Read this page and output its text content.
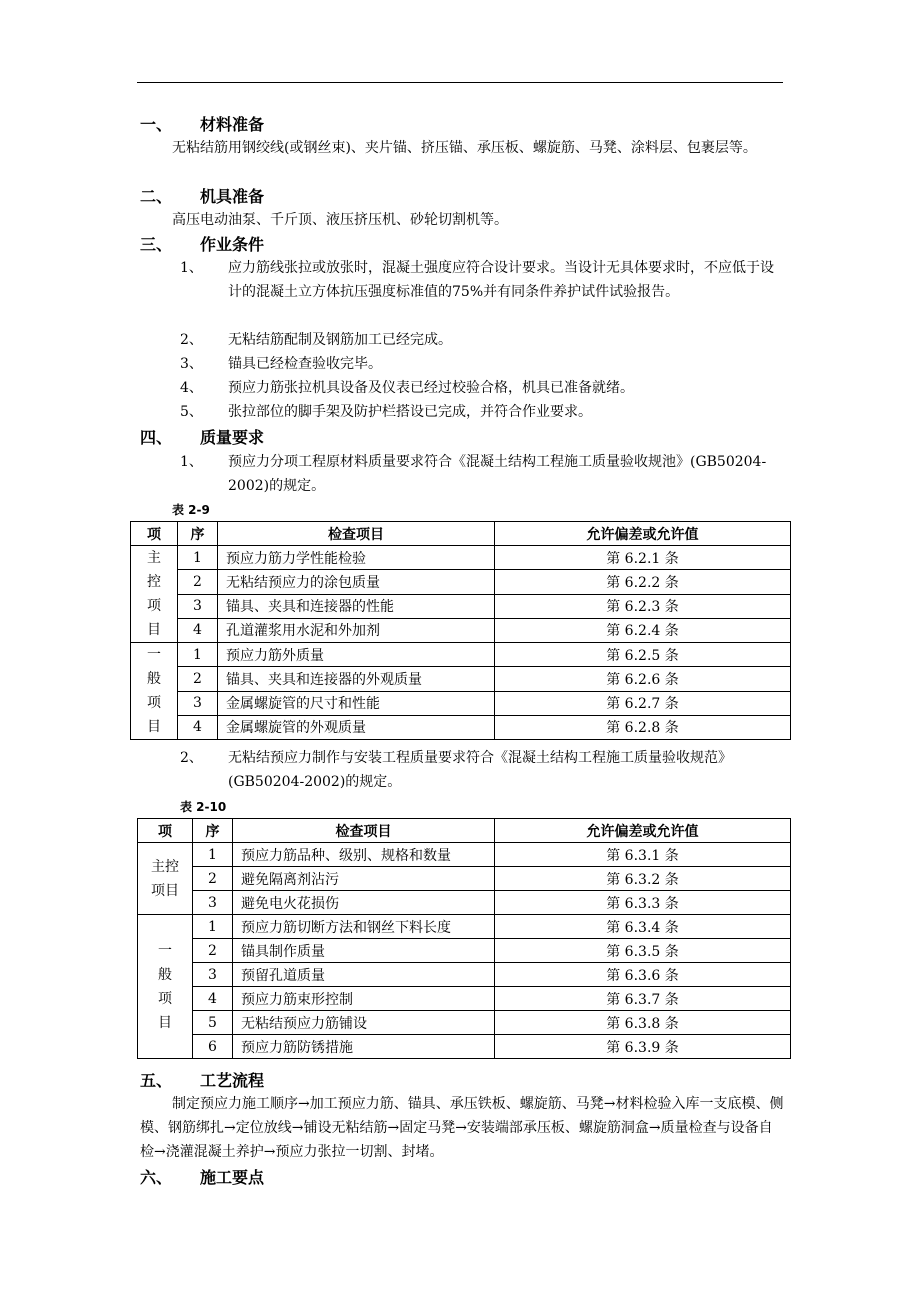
一、 材料准备
无粘结筋用钢绞线(或钢丝束)、夹片锚、挤压锚、承压板、螺旋筋、马凳、涂料层、包裹层等。
二、 机具准备
高压电动油泵、千斤顶、液压挤压机、砂轮切割机等。
三、 作业条件
1、	应力筋线张拉或放张时，混凝土强度应符合设计要求。当设计无具体要求时，不应低于设计的混凝土立方体抗压强度标准值的75%并有同条件养护试件试验报告。
2、	无粘结筋配制及钢筋加工已经完成。
3、	锚具已经检查验收完毕。
4、	预应力筋张拉机具设备及仪表已经过校验合格，机具已准备就绪。
5、	张拉部位的脚手架及防护栏搭设已完成，并符合作业要求。
四、 质量要求
1、	预应力分项工程原材料质量要求符合《混凝土结构工程施工质量验收规池》(GB50204-2002)的规定。
表 2-9
项	序	检查项目	允许偏差或允许值

主控项目	1	预应力筋力学性能检验	第 6.2.1 条
	2	无粘结预应力的涂包质量	第 6.2.2 条
	3	锚具、夹具和连接器的性能	第 6.2.3 条
	4	孔道灌浆用水泥和外加剂	第 6.2.4 条

一般项目	1	预应力筋外质量	第 6.2.5 条
	2	锚具、夹具和连接器的外观质量	第 6.2.6 条
	3	金属螺旋管的尺寸和性能	第 6.2.7 条
	4	金属螺旋管的外观质量	第 6.2.8 条
2、	无粘结预应力制作与安装工程质量要求符合《混凝土结构工程施工质量验收规范》 (GB50204-2002)的规定。
表 2-10
项	序	检查项目	允许偏差或允许值

主控项目	1	预应力筋品种、级别、规格和数量	第 6.3.1 条
	2	避免隔离剂沾污	第 6.3.2 条
	3	避免电火花损伤	第 6.3.3 条

一般项目	1	预应力筋切断方法和钢丝下料长度	第 6.3.4 条
	2	锚具制作质量	第 6.3.5 条
	3	预留孔道质量	第 6.3.6 条
	4	预应力筋束形控制	第 6.3.7 条
	5	无粘结预应力筋铺设	第 6.3.8 条
	6	预应力筋防锈措施	第 6.3.9 条
五、 工艺流程
制定预应力施工顺序→加工预应力筋、锚具、承压铁板、螺旋筋、马凳→材料检验入库一支底模、侧模、钢筋绑扎→定位放线→铺设无粘结筋→固定马凳→安装端部承压板、螺旋筋洞盒→质量检查与设备自检→浇灌混凝土养护→预应力张拉一切割、封堵。
六、 施工要点
